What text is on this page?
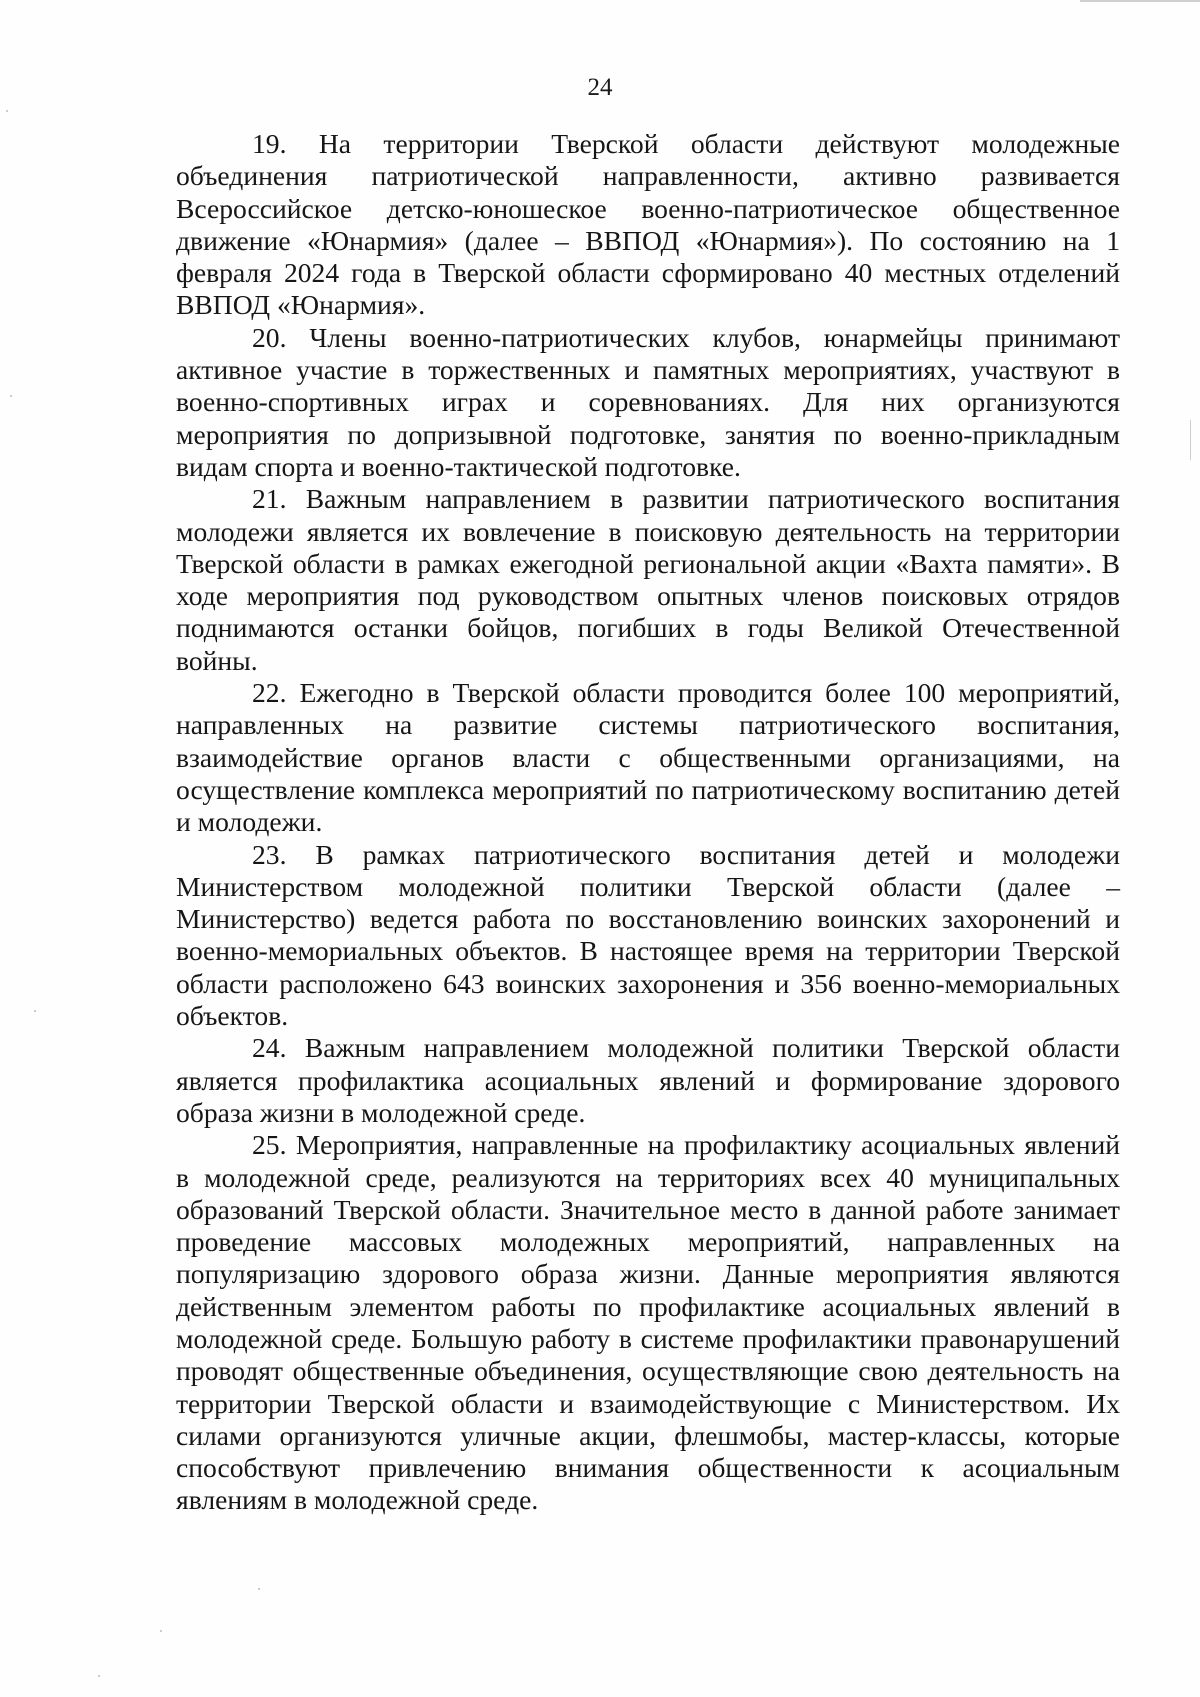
24

19. На территории Тверской области действуют молодежные объединения патриотической направленности, активно развивается Всероссийское детско-юношеское военно-патриотическое общественное движение «Юнармия» (далее – ВВПОД «Юнармия»). По состоянию на 1 февраля 2024 года в Тверской области сформировано 40 местных отделений ВВПОД «Юнармия».

20. Члены военно-патриотических клубов, юнармейцы принимают активное участие в торжественных и памятных мероприятиях, участвуют в военно-спортивных играх и соревнованиях. Для них организуются мероприятия по допризывной подготовке, занятия по военно-прикладным видам спорта и военно-тактической подготовке.

21. Важным направлением в развитии патриотического воспитания молодежи является их вовлечение в поисковую деятельность на территории Тверской области в рамках ежегодной региональной акции «Вахта памяти». В ходе мероприятия под руководством опытных членов поисковых отрядов поднимаются останки бойцов, погибших в годы Великой Отечественной войны.

22. Ежегодно в Тверской области проводится более 100 мероприятий, направленных на развитие системы патриотического воспитания, взаимодействие органов власти с общественными организациями, на осуществление комплекса мероприятий по патриотическому воспитанию детей и молодежи.

23. В рамках патриотического воспитания детей и молодежи Министерством молодежной политики Тверской области (далее – Министерство) ведется работа по восстановлению воинских захоронений и военно-мемориальных объектов. В настоящее время на территории Тверской области расположено 643 воинских захоронения и 356 военно-мемориальных объектов.

24. Важным направлением молодежной политики Тверской области является профилактика асоциальных явлений и формирование здорового образа жизни в молодежной среде.

25. Мероприятия, направленные на профилактику асоциальных явлений в молодежной среде, реализуются на территориях всех 40 муниципальных образований Тверской области. Значительное место в данной работе занимает проведение массовых молодежных мероприятий, направленных на популяризацию здорового образа жизни. Данные мероприятия являются действенным элементом работы по профилактике асоциальных явлений в молодежной среде. Большую работу в системе профилактики правонарушений проводят общественные объединения, осуществляющие свою деятельность на территории Тверской области и взаимодействующие с Министерством. Их силами организуются уличные акции, флешмобы, мастер-классы, которые способствуют привлечению внимания общественности к асоциальным явлениям в молодежной среде.
